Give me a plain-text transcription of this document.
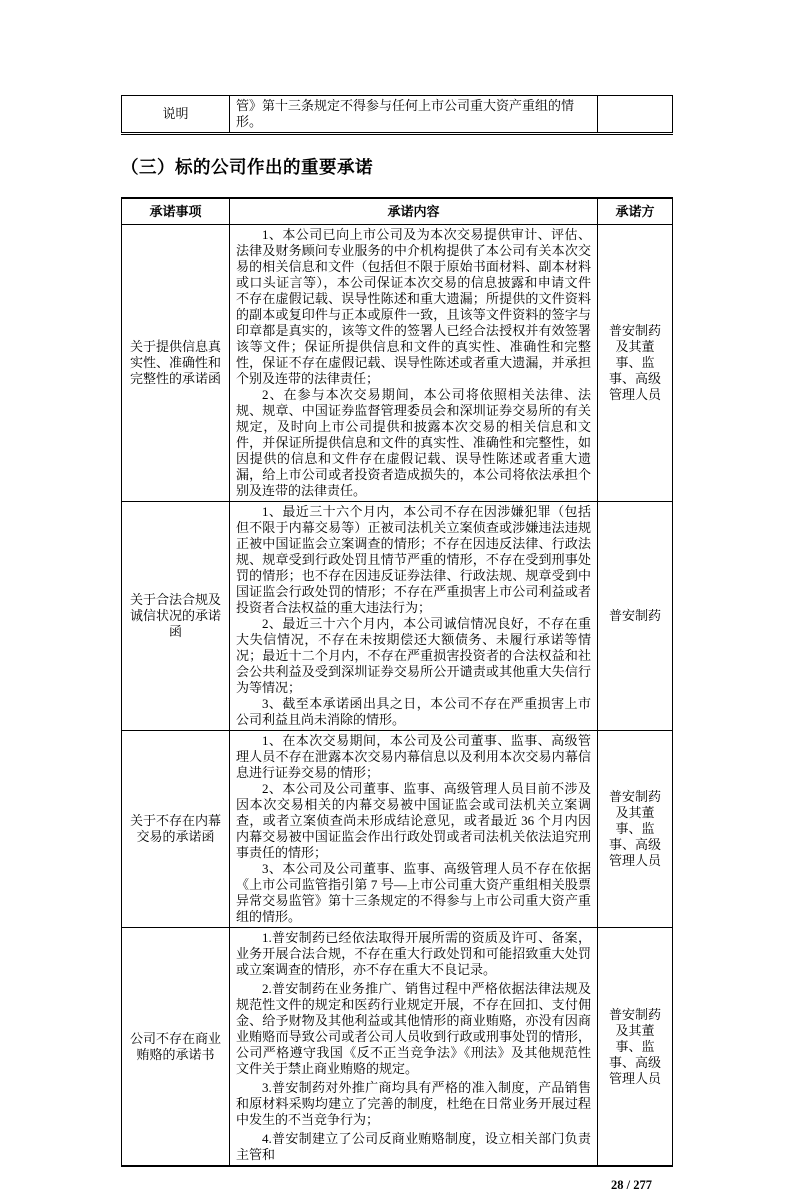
说明	管》第十三条规定不得参与任何上市公司重大资产重组的情形。	
（三）标的公司作出的重要承诺
承诺事项	承诺内容	承诺方
关于提供信息真实性、准确性和完整性的承诺函	1、本公司已向上市公司及为本次交易提供审计、评估、法律及财务顾问专业服务的中介机构提供了本公司有关本次交易的相关信息和文件（包括但不限于原始书面材料、副本材料或口头证言等），本公司保证本次交易的信息披露和申请文件不存在虚假记载、误导性陈述和重大遗漏；所提供的文件资料的副本或复印件与正本或原件一致，且该等文件资料的签字与印章都是真实的，该等文件的签署人已经合法授权并有效签署该等文件；保证所提供信息和文件的真实性、准确性和完整性，保证不存在虚假记载、误导性陈述或者重大遗漏，并承担个别及连带的法律责任；

2、在参与本次交易期间，本公司将依照相关法律、法规、规章、中国证券监督管理委员会和深圳证券交易所的有关规定，及时向上市公司提供和披露本次交易的相关信息和文件，并保证所提供信息和文件的真实性、准确性和完整性，如因提供的信息和文件存在虚假记载、误导性陈述或者重大遗漏，给上市公司或者投资者造成损失的，本公司将依法承担个别及连带的法律责任。	普安制药及其董事、监事、高级管理人员
关于合法合规及诚信状况的承诺函	1、最近三十六个月内，本公司不存在因涉嫌犯罪（包括但不限于内幕交易等）正被司法机关立案侦查或涉嫌违法违规正被中国证监会立案调查的情形；不存在因违反法律、行政法规、规章受到行政处罚且情节严重的情形，不存在受到刑事处罚的情形；也不存在因违反证券法律、行政法规、规章受到中国证监会行政处罚的情形；不存在严重损害上市公司利益或者投资者合法权益的重大违法行为；

2、最近三十六个月内，本公司诚信情况良好，不存在重大失信情况，不存在未按期偿还大额债务、未履行承诺等情况；最近十二个月内，不存在严重损害投资者的合法权益和社会公共利益及受到深圳证券交易所公开谴责或其他重大失信行为等情况；

3、截至本承诺函出具之日，本公司不存在严重损害上市公司利益且尚未消除的情形。	普安制药
关于不存在内幕交易的承诺函	1、在本次交易期间，本公司及公司董事、监事、高级管理人员不存在泄露本次交易内幕信息以及利用本次交易内幕信息进行证券交易的情形；

2、本公司及公司董事、监事、高级管理人员目前不涉及因本次交易相关的内幕交易被中国证监会或司法机关立案调查，或者立案侦查尚未形成结论意见，或者最近 36 个月内因内幕交易被中国证监会作出行政处罚或者司法机关依法追究刑事责任的情形；

3、本公司及公司董事、监事、高级管理人员不存在依据《上市公司监管指引第 7 号—上市公司重大资产重组相关股票异常交易监管》第十三条规定的不得参与上市公司重大资产重组的情形。	普安制药及其董事、监事、高级管理人员
公司不存在商业贿赂的承诺书	1.普安制药已经依法取得开展所需的资质及许可、备案，业务开展合法合规，不存在重大行政处罚和可能招致重大处罚或立案调查的情形，亦不存在重大不良记录。

2.普安制药在业务推广、销售过程中严格依据法律法规及规范性文件的规定和医药行业规定开展，不存在回扣、支付佣金、给予财物及其他利益或其他情形的商业贿赂，亦没有因商业贿赂而导致公司或者公司人员收到行政或刑事处罚的情形，公司严格遵守我国《反不正当竞争法》《刑法》及其他规范性文件关于禁止商业贿赂的规定。

3.普安制药对外推广商均具有严格的准入制度，产品销售和原材料采购均建立了完善的制度，杜绝在日常业务开展过程中发生的不当竞争行为；

4.普安制建立了公司反商业贿赂制度，设立相关部门负责主管和	普安制药及其董事、监事、高级管理人员
28 / 277
